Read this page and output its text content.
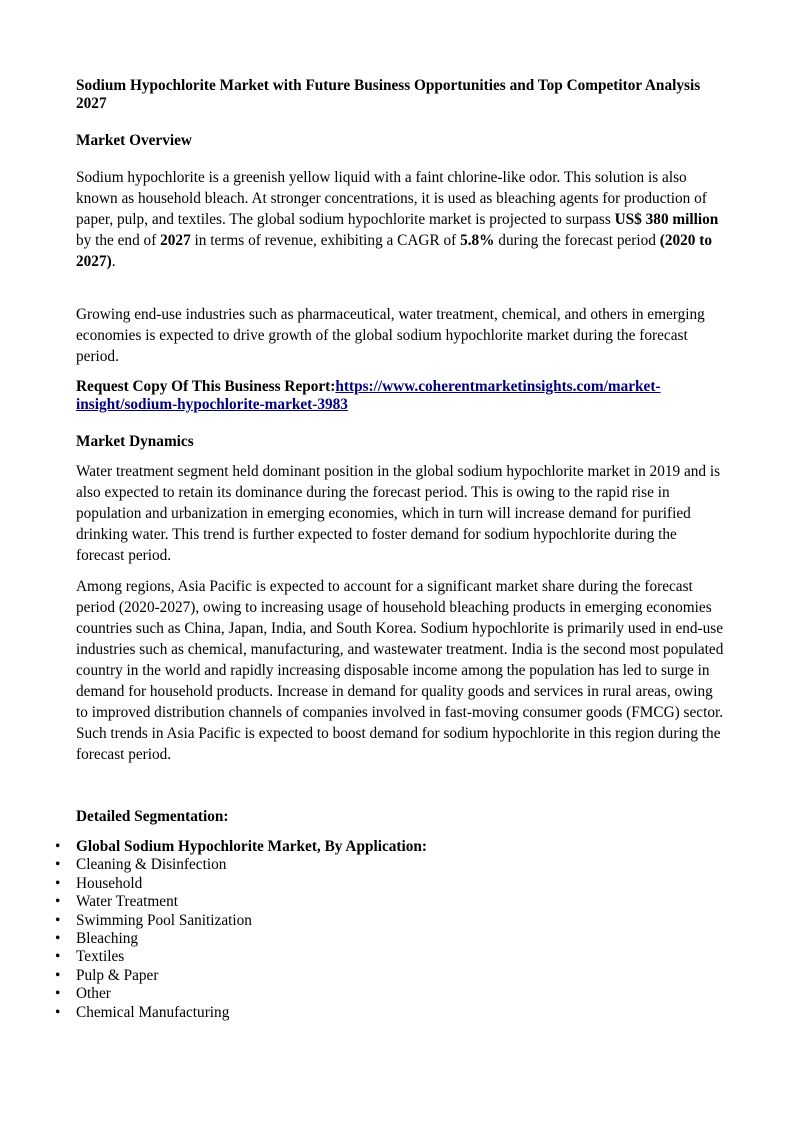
Sodium Hypochlorite Market with Future Business Opportunities and Top Competitor Analysis 2027
Market Overview

Sodium hypochlorite is a greenish yellow liquid with a faint chlorine-like odor. This solution is also known as household bleach. At stronger concentrations, it is used as bleaching agents for production of paper, pulp, and textiles. The global sodium hypochlorite market is projected to surpass US$ 380 million by the end of 2027 in terms of revenue, exhibiting a CAGR of 5.8% during the forecast period (2020 to 2027).

Growing end-use industries such as pharmaceutical, water treatment, chemical, and others in emerging economies is expected to drive growth of the global sodium hypochlorite market during the forecast period.

Request Copy Of This Business Report:https://www.coherentmarketinsights.com/market-insight/sodium-hypochlorite-market-3983

Market Dynamics

Water treatment segment held dominant position in the global sodium hypochlorite market in 2019 and is also expected to retain its dominance during the forecast period. This is owing to the rapid rise in population and urbanization in emerging economies, which in turn will increase demand for purified drinking water. This trend is further expected to foster demand for sodium hypochlorite during the forecast period.

Among regions, Asia Pacific is expected to account for a significant market share during the forecast period (2020-2027), owing to increasing usage of household bleaching products in emerging economies countries such as China, Japan, India, and South Korea. Sodium hypochlorite is primarily used in end-use industries such as chemical, manufacturing, and wastewater treatment. India is the second most populated country in the world and rapidly increasing disposable income among the population has led to surge in demand for household products. Increase in demand for quality goods and services in rural areas, owing to improved distribution channels of companies involved in fast-moving consumer goods (FMCG) sector. Such trends in Asia Pacific is expected to boost demand for sodium hypochlorite in this region during the forecast period.

Detailed Segmentation:
•	Global Sodium Hypochlorite Market, By Application:
•	Cleaning & Disinfection
•	Household
•	Water Treatment
•	Swimming Pool Sanitization
•	Bleaching
•	Textiles
•	Pulp & Paper
•	Other
•	Chemical Manufacturing
